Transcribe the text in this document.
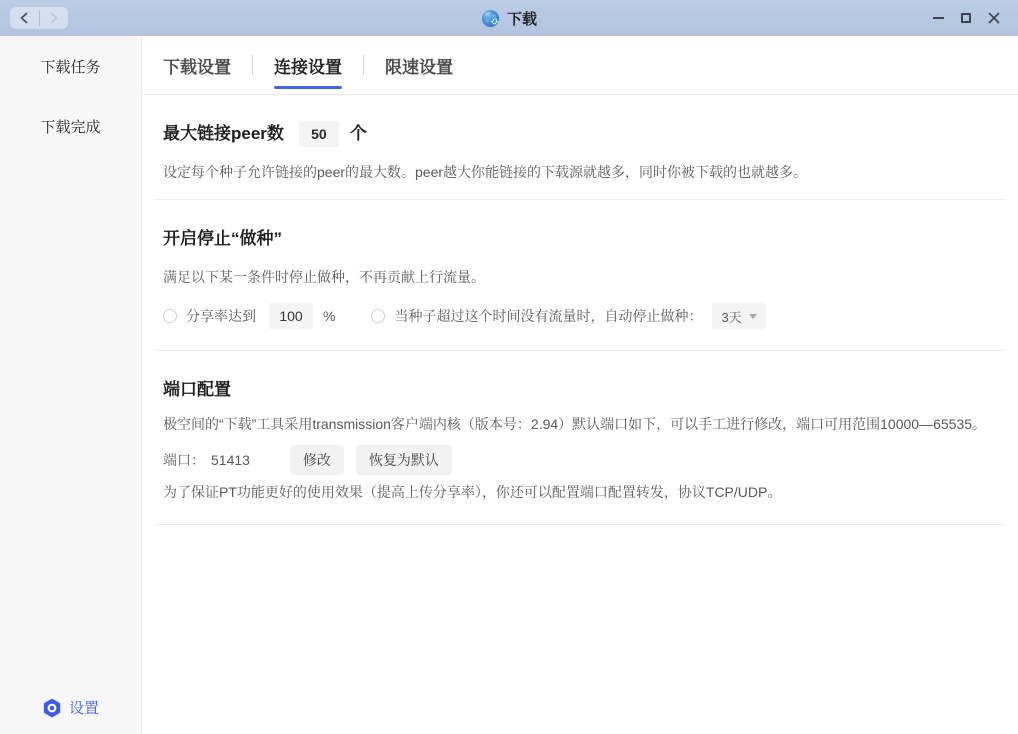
下载
下载任务
下载完成
设置
下载设置	连接设置	限速设置
最大链接peer数
50	个
设定每个种子允许链接的peer的最大数。peer越大你能链接的下载源就越多，同时你被下载的也就越多。
开启停止“做种”
满足以下某一条件时停止做种，不再贡献上行流量。
分享率达到
100	%	当种子超过这个时间没有流量时，自动停止做种： 3天
端口配置
极空间的“下载”工具采用transmission客户端内核（版本号：2.94）默认端口如下，可以手工进行修改，端口可用范围10000—65535。
端口： 51413	修改	恢复为默认
为了保证PT功能更好的使用效果（提高上传分享率），你还可以配置端口配置转发，协议TCP/UDP。
